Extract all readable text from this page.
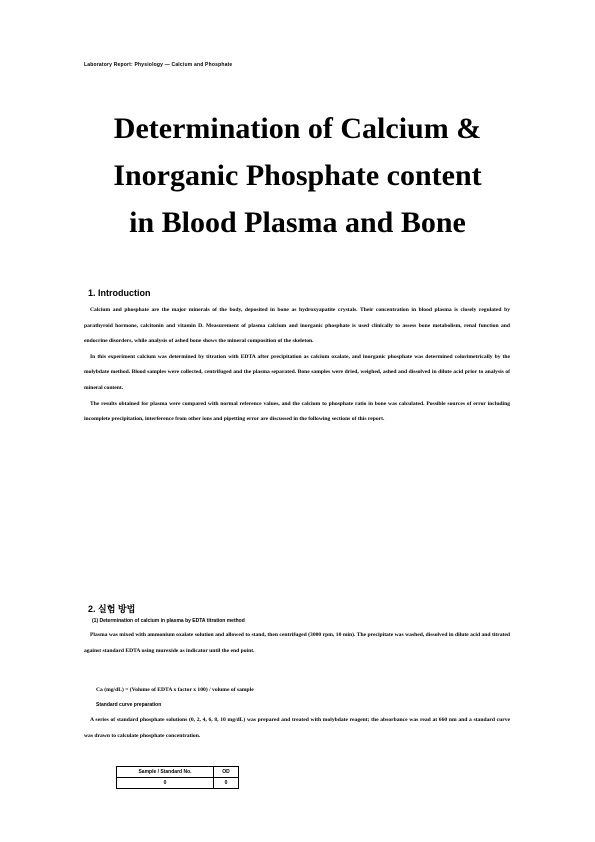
Laboratory Report: Physiology — Calcium and Phosphate
Determination of Calcium &
Inorganic Phosphate content
in Blood Plasma and Bone
1. Introduction

Calcium and phosphate are the major minerals of the body, deposited in bone as hydroxyapatite crystals. Their concentration in blood plasma is closely regulated by parathyroid hormone, calcitonin and vitamin D. Measurement of plasma calcium and inorganic phosphate is used clinically to assess bone metabolism, renal function and endocrine disorders, while analysis of ashed bone shows the mineral composition of the skeleton.

In this experiment calcium was determined by titration with EDTA after precipitation as calcium oxalate, and inorganic phosphate was determined colorimetrically by the molybdate method. Blood samples were collected, centrifuged and the plasma separated. Bone samples were dried, weighed, ashed and dissolved in dilute acid prior to analysis of mineral content.

The results obtained for plasma were compared with normal reference values, and the calcium to phosphate ratio in bone was calculated. Possible sources of error including incomplete precipitation, interference from other ions and pipetting error are discussed in the following sections of this report.

2. 실험 방법
(1) Determination of calcium in plasma by EDTA titration method

Plasma was mixed with ammonium oxalate solution and allowed to stand, then centrifuged (3000 rpm, 10 min). The precipitate was washed, dissolved in dilute acid and titrated against standard EDTA using murexide as indicator until the end point.

Ca (mg/dL) = (Volume of EDTA x factor x 100) / volume of sample
Standard curve preparation

A series of standard phosphate solutions (0, 2, 4, 6, 8, 10 mg/dL) was prepared and treated with molybdate reagent; the absorbance was read at 660 nm and a standard curve was drawn to calculate phosphate concentration.

Sample / Standard No.	OD
0	0
